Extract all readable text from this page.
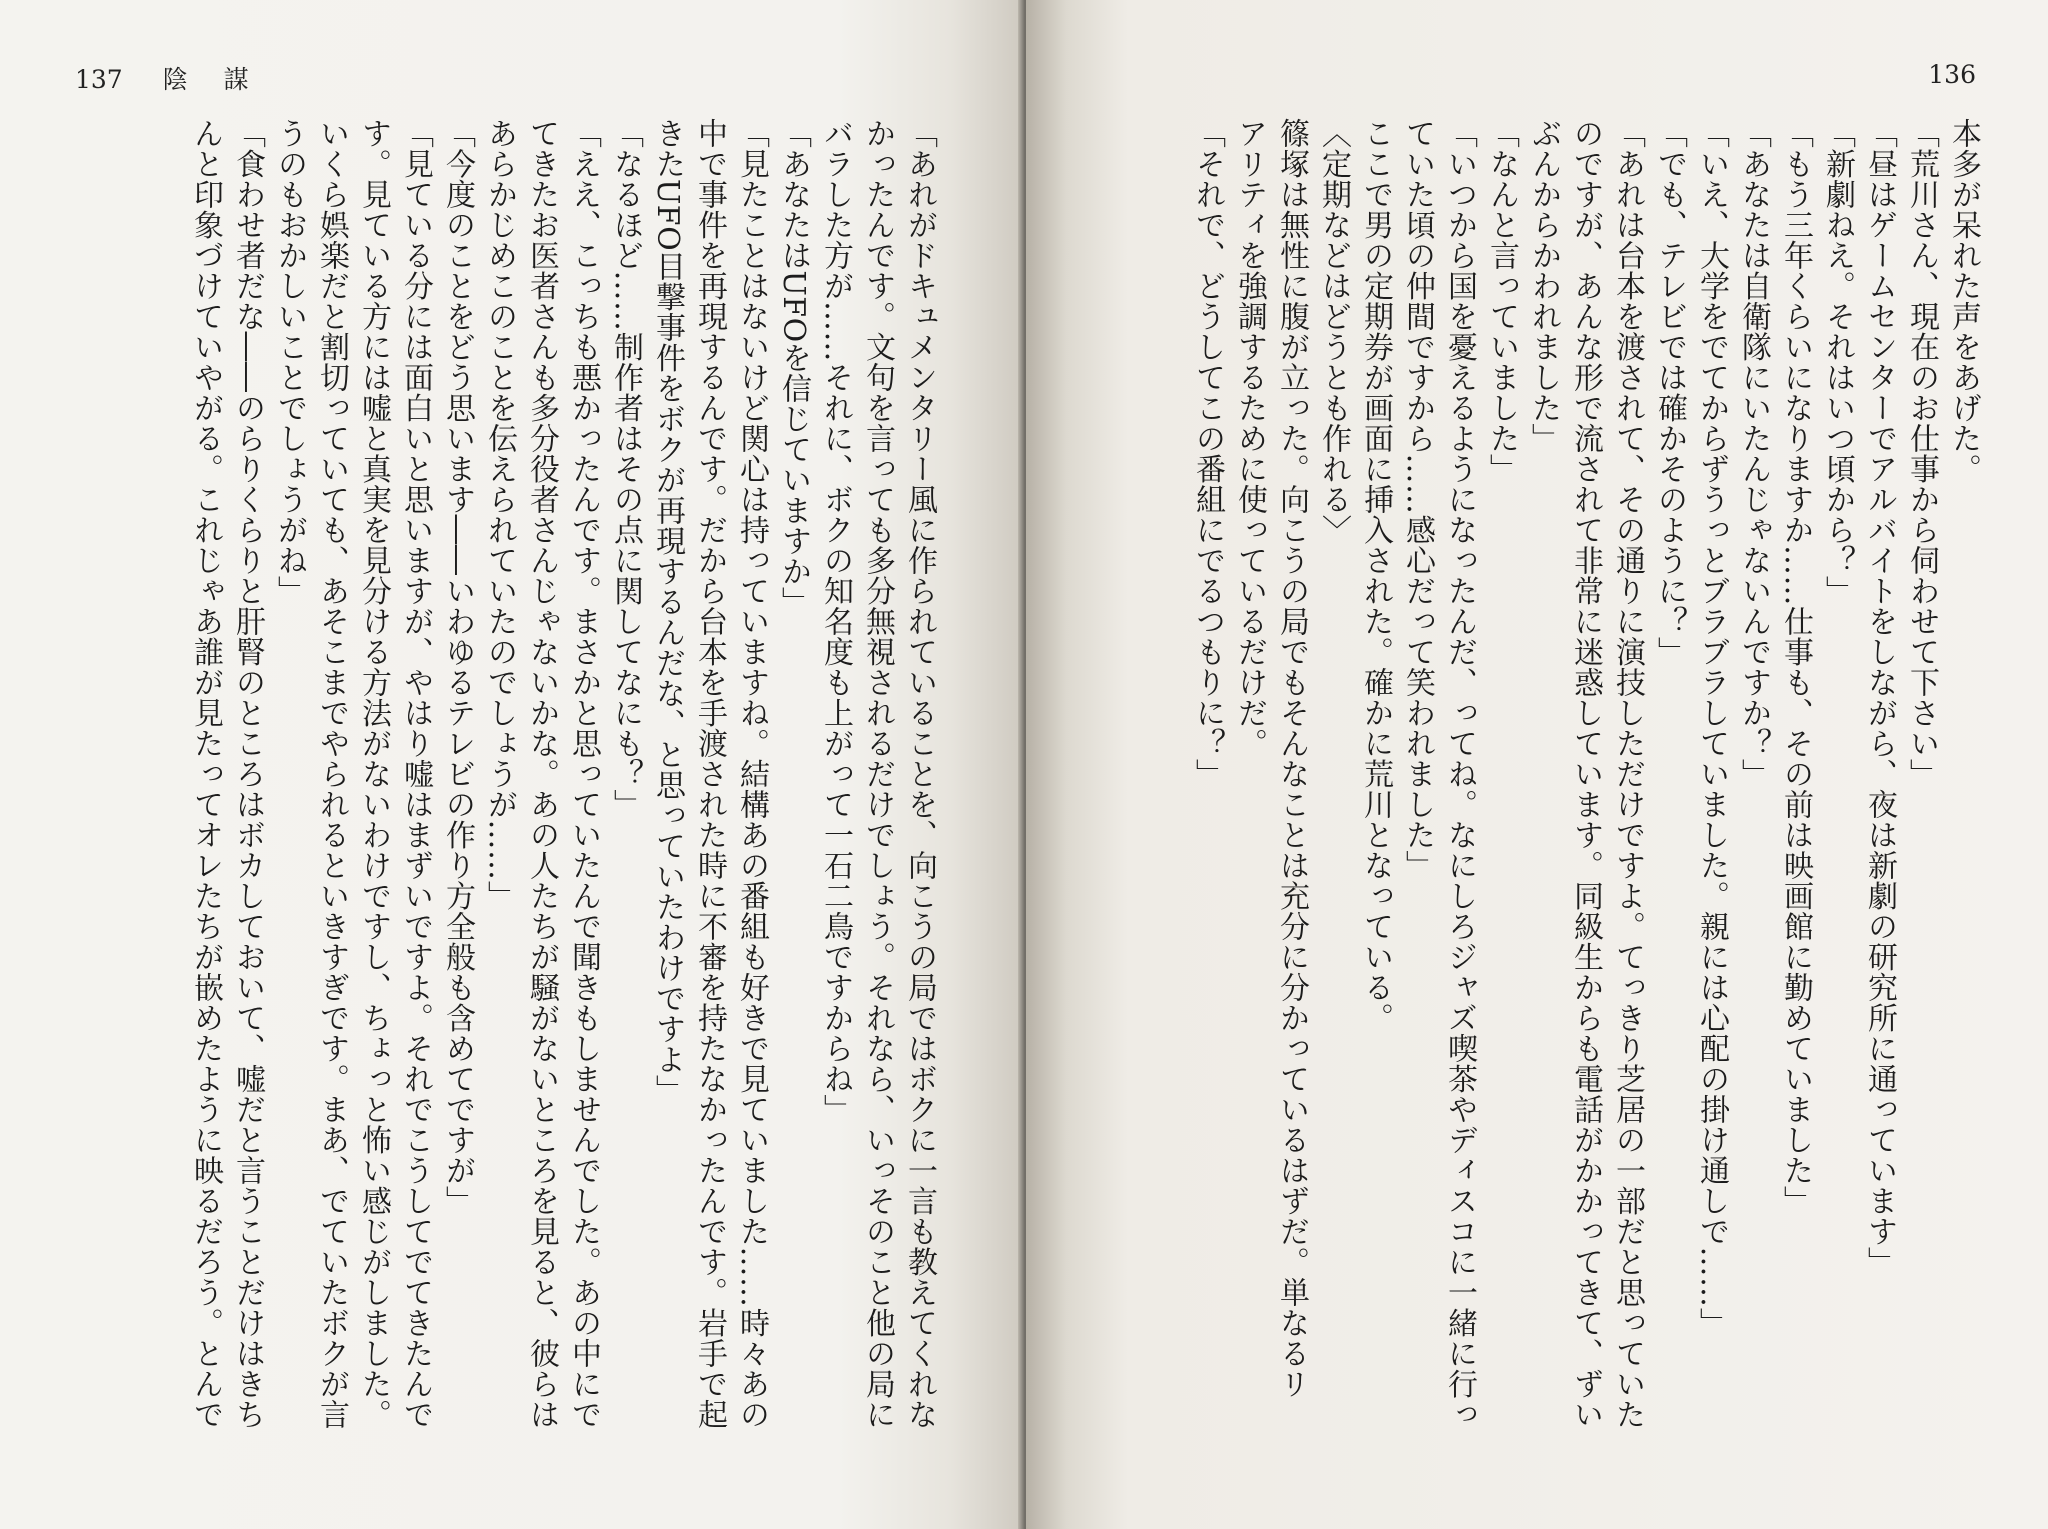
137 陰 謀
「あれがドキュメンタリー風に作られていることを、向こうの局ではボクに一言も教えてくれな
かったんです。文句を言っても多分無視されるだけでしょう。それなら、いっそのこと他の局に
バラした方が……それに、ボクの知名度も上がって一石二鳥ですからね」
「あなたはUFOを信じていますか」
「見たことはないけど関心は持っていますね。結構あの番組も好きで見ていました……時々あの
中で事件を再現するんです。だから台本を手渡された時に不審を持たなかったんです。岩手で起
きたUFO目撃事件をボクが再現するんだな、と思っていたわけですよ」
「なるほど……制作者はその点に関してなにも？」
「ええ、こっちも悪かったんです。まさかと思っていたんで聞きもしませんでした。あの中にで
てきたお医者さんも多分役者さんじゃないかな。あの人たちが騒がないところを見ると、彼らは
あらかじめこのことを伝えられていたのでしょうが……」
「今度のことをどう思います――いわゆるテレビの作り方全般も含めてですが」
「見ている分には面白いと思いますが、やはり嘘はまずいですよ。それでこうしてでてきたんで
す。見ている方には嘘と真実を見分ける方法がないわけですし、ちょっと怖い感じがしました。
いくら娯楽だと割切っていても、あそこまでやられるといきすぎです。まあ、でていたボクが言
うのもおかしいことでしょうがね」
「食わせ者だな――のらりくらりと肝腎のところはボカしておいて、嘘だと言うことだけはきち
んと印象づけていやがる。これじゃあ誰が見たってオレたちが嵌めたように映るだろう。とんで
136
本多が呆れた声をあげた。
「荒川さん、現在のお仕事から伺わせて下さい」
「昼はゲームセンターでアルバイトをしながら、夜は新劇の研究所に通っています」
「新劇ねえ。それはいつ頃から？」
「もう三年くらいになりますか……仕事も、その前は映画館に勤めていました」
「あなたは自衛隊にいたんじゃないんですか？」
「いえ、大学をでてからずうっとブラブラしていました。親には心配の掛け通しで……」
「でも、テレビでは確かそのように？」
「あれは台本を渡されて、その通りに演技しただけですよ。てっきり芝居の一部だと思っていた
のですが、あんな形で流されて非常に迷惑しています。同級生からも電話がかかってきて、ずい
ぶんからかわれました」
「なんと言っていました」
「いつから国を憂えるようになったんだ、ってね。なにしろジャズ喫茶やディスコに一緒に行っ
ていた頃の仲間ですから……感心だって笑われました」
ここで男の定期券が画面に挿入された。確かに荒川となっている。
〈定期などはどうとも作れる〉
篠塚は無性に腹が立った。向こうの局でもそんなことは充分に分かっているはずだ。単なるリ
アリティを強調するために使っているだけだ。
「それで、どうしてこの番組にでるつもりに？」
